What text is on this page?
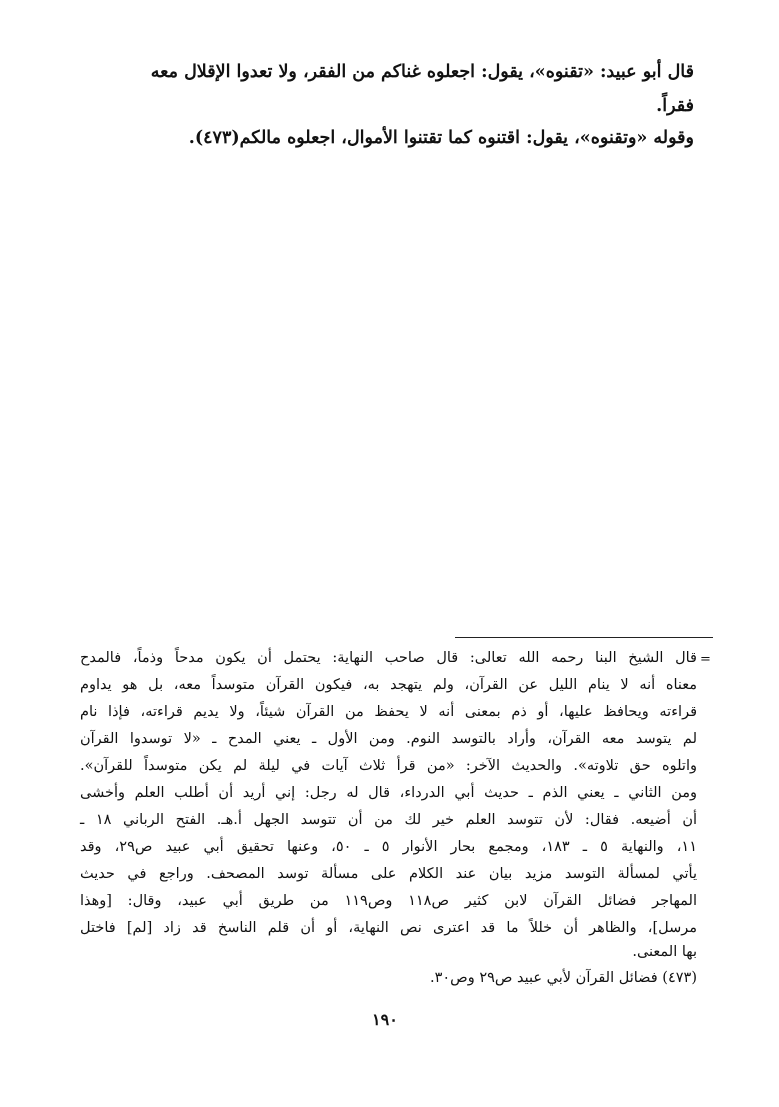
قال أبو عبيد: «تقنوه»، يقول: اجعلوه غناكم من الفقر، ولا تعدوا الإقلال معه
فقراً.
وقوله «وتقنوه»، يقول: اقتنوه كما تقتنوا الأموال، اجعلوه مالكم(٤٧٣).
=
قال الشيخ البنا رحمه الله تعالى: قال صاحب النهاية: يحتمل أن يكون مدحاً وذماً، فالمدح
معناه أنه لا ينام الليل عن القرآن، ولم يتهجد به، فيكون القرآن متوسداً معه، بل هو يداوم
قراءته ويحافظ عليها، أو ذم بمعنى أنه لا يحفظ من القرآن شيئاً، ولا يديم قراءته، فإذا نام
لم يتوسد معه القرآن، وأراد بالتوسد النوم. ومن الأول ـ يعني المدح ـ «لا توسدوا القرآن
واتلوه حق تلاوته». والحديث الآخر: «من قرأ ثلاث آيات في ليلة لم يكن متوسداً للقرآن».
ومن الثاني ـ يعني الذم ـ حديث أبي الدرداء، قال له رجل: إني أريد أن أطلب العلم وأخشى
أن أضيعه. فقال: لأن تتوسد العلم خير لك من أن تتوسد الجهل أ.هـ. الفتح الرباني ١٨ ـ
١١، والنهاية ٥ ـ ١٨٣، ومجمع بحار الأنوار ٥ ـ ٥٠، وعنها تحقيق أبي عبيد ص٢٩، وقد
يأتي لمسألة التوسد مزيد بيان عند الكلام على مسألة توسد المصحف. وراجع في حديث
المهاجر فضائل القرآن لابن كثير ص١١٨ وص١١٩ من طريق أبي عبيد، وقال: [وهذا
مرسل]، والظاهر أن خللاً ما قد اعترى نص النهاية، أو أن قلم الناسخ قد زاد [لم] فاختل
بها المعنى.
(٤٧٣) فضائل القرآن لأبي عبيد ص٢٩ وص٣٠.
١٩٠
